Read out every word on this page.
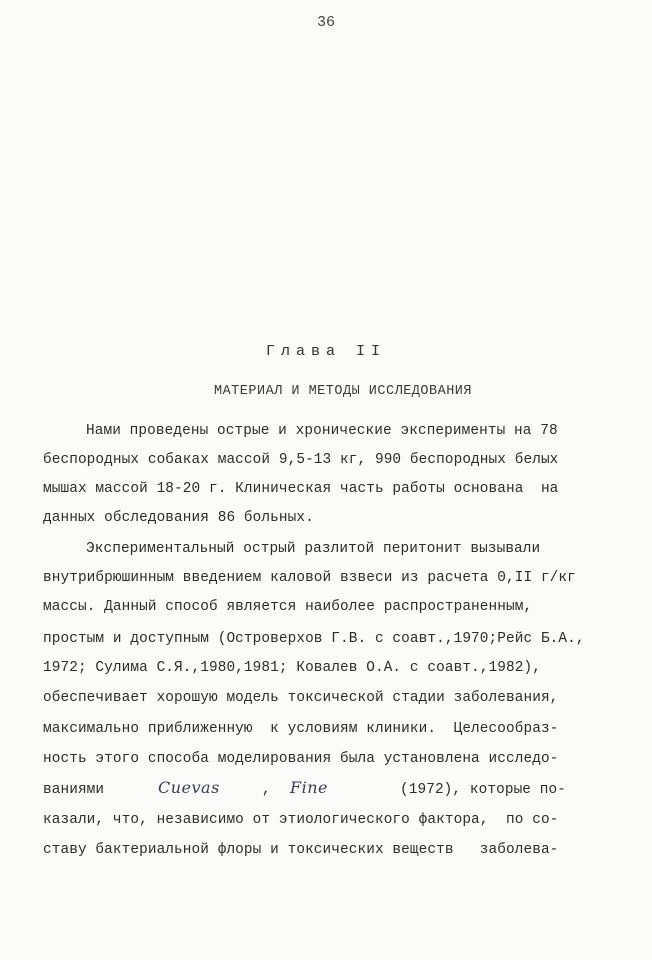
36
Глава II
МАТЕРИАЛ И МЕТОДЫ ИССЛЕДОВАНИЯ
Нами проведены острые и хронические эксперименты на 78
беспородных собаках массой 9,5-13 кг, 990 беспородных белых
мышах массой 18-20 г. Клиническая часть работы основана  на
данных обследования 86 больных.
Экспериментальный острый разлитой перитонит вызывали
внутрибрюшинным введением каловой взвеси из расчета 0,II г/кг
массы. Данный способ является наиболее распространенным,
простым и доступным (Островерхов Г.В. с соавт.,1970;Рейс Б.А.,
1972; Сулима С.Я.,1980,1981; Ковалев О.А. с соавт.,1982),
обеспечивает хорошую модель токсической стадии заболевания,
максимально приближенную  к условиям клиники.  Целесообраз-
ность этого способа моделирования была установлена исследо-
ваниями	Cuevas	, Fine	(1972), которые по-
казали, что, независимо от этиологического фактора,  по со-
ставу бактериальной флоры и токсических веществ   заболева-
